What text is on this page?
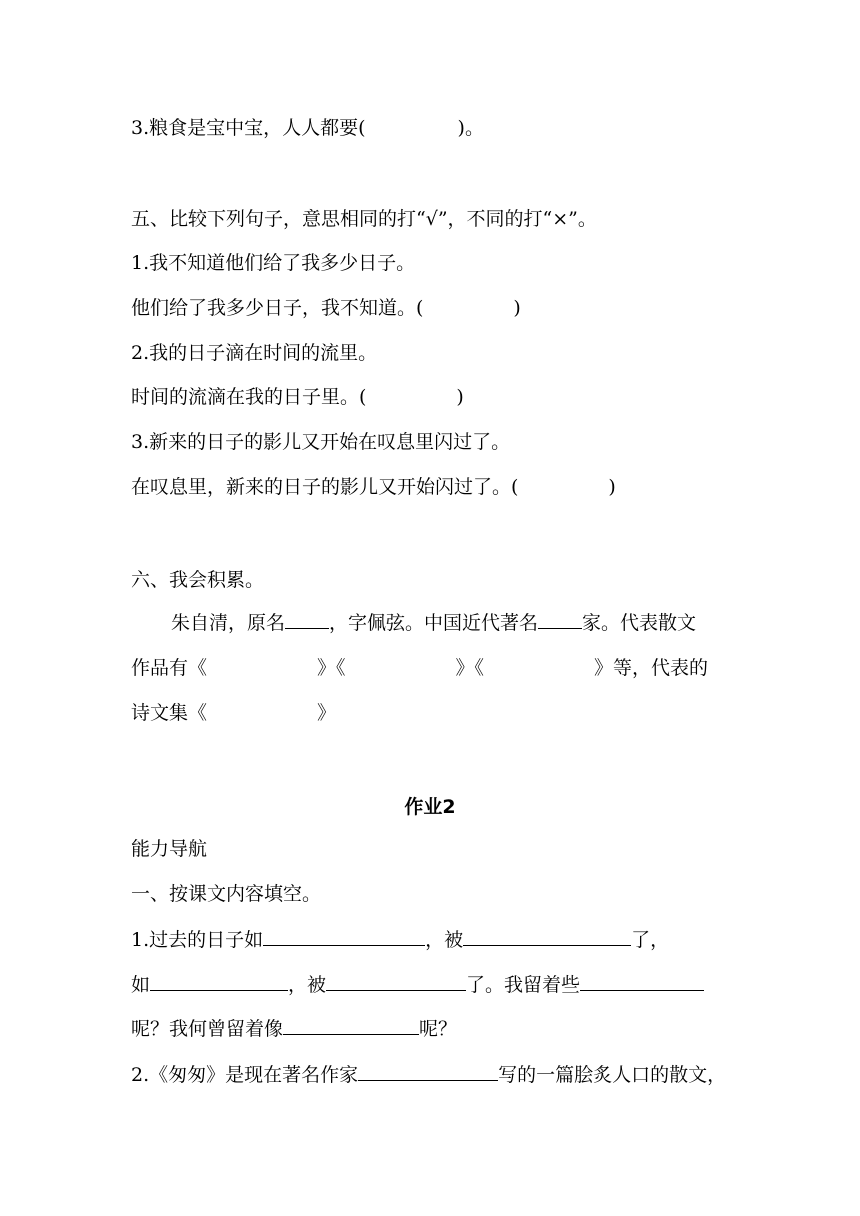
3.粮食是宝中宝，人人都要(	)。
五、比较下列句子，意思相同的打“√”，不同的打“×”。
1.我不知道他们给了我多少日子。
他们给了我多少日子，我不知道。(	)
2.我的日子滴在时间的流里。
时间的流滴在我的日子里。(	)
3.新来的日子的影儿又开始在叹息里闪过了。
在叹息里，新来的日子的影儿又开始闪过了。(	)
六、我会积累。
朱自清，原名 ，字佩弦。中国近代著名 家。代表散文
作品有《	》《	》《	》等，代表的
诗文集《	》
作业2
能力导航
一、按课文内容填空。
1.过去的日子如	，被	了，
如	，被	了。我留着些
呢？我何曾留着像	呢？
2.《匆匆》是现在著名作家	写的一篇脍炙人口的散文，
